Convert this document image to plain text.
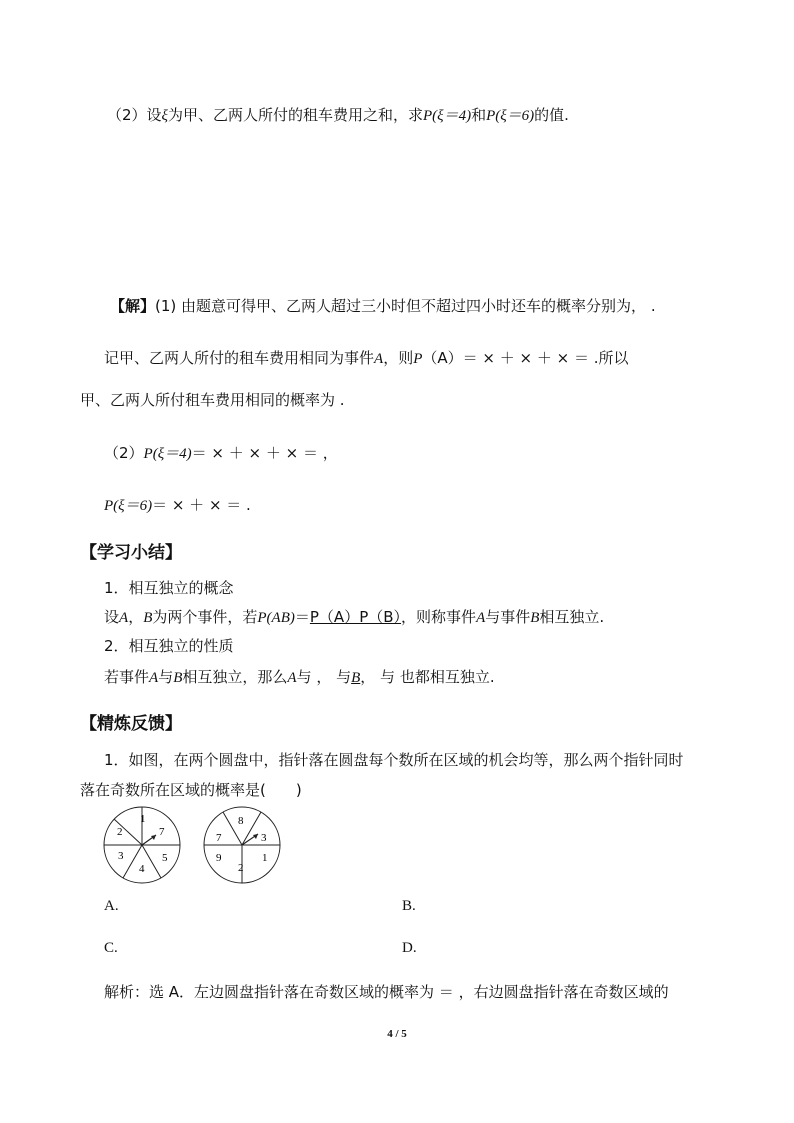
（2）设ξ为甲、乙两人所付的租车费用之和，求P(ξ＝4)和P(ξ＝6)的值.
【解】(1) 由题意可得甲、乙两人超过三小时但不超过四小时还车的概率分别为， .
记甲、乙两人所付的租车费用相同为事件A，则P（A）＝ × ＋ × ＋ × ＝ .所以
甲、乙两人所付租车费用相同的概率为 .
（2）P(ξ＝4)＝ × ＋ × ＋ × ＝ ，
P(ξ＝6)＝ × ＋ × ＝ .
【学习小结】
1．相互独立的概念
设A，B为两个事件，若P(AB)＝P（A）P（B），则称事件A与事件B相互独立.
2．相互独立的性质
若事件A与B相互独立，那么A与 ， 与B， 与 也都相互独立.
【精炼反馈】
1．如图，在两个圆盘中，指针落在圆盘每个数所在区域的机会均等，那么两个指针同时
落在奇数所在区域的概率是(　　)
1
7
5
4
3
2
8
3
1
2
9
7
A.	B.
C.	D.
解析：选 A．左边圆盘指针落在奇数区域的概率为 ＝ ，右边圆盘指针落在奇数区域的
4 / 5
